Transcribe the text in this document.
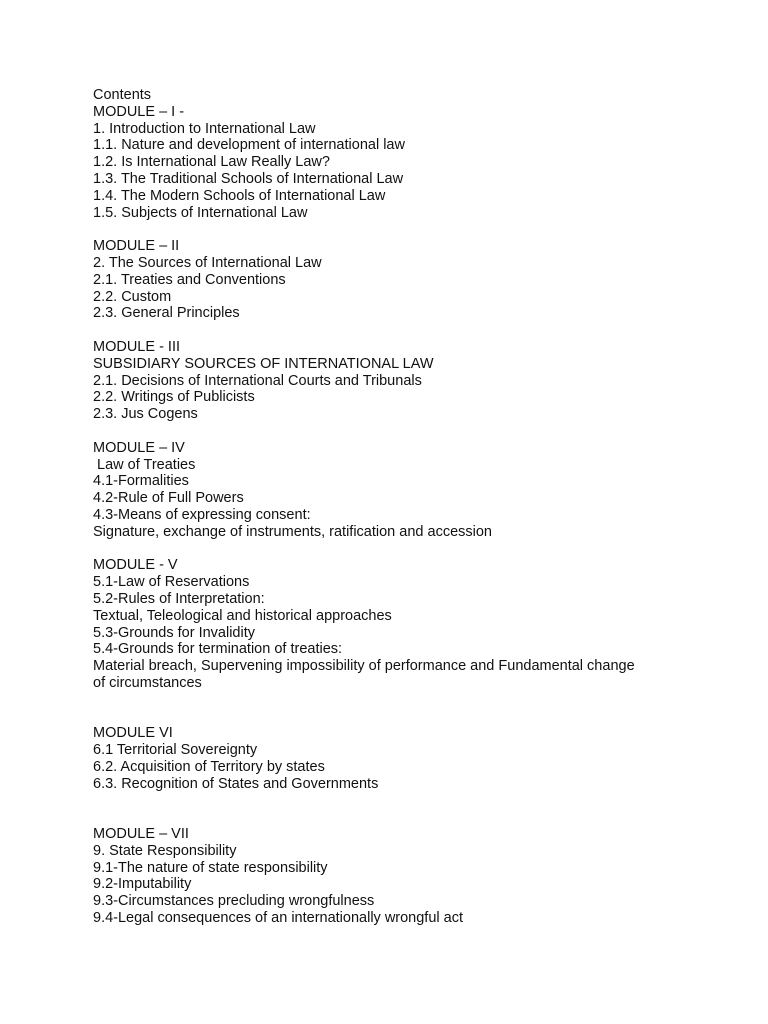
Contents

MODULE – I -

1. Introduction to International Law

1.1. Nature and development of international law

1.2. Is International Law Really Law?

1.3. The Traditional Schools of International Law

1.4. The Modern Schools of International Law

1.5. Subjects of International Law

MODULE – II

2. The Sources of International Law

2.1. Treaties and Conventions

2.2. Custom

2.3. General Principles

MODULE - III

SUBSIDIARY SOURCES OF INTERNATIONAL LAW

2.1. Decisions of International Courts and Tribunals

2.2. Writings of Publicists

2.3. Jus Cogens

MODULE – IV

Law of Treaties

4.1-Formalities

4.2-Rule of Full Powers

4.3-Means of expressing consent:

Signature, exchange of instruments, ratification and accession

MODULE - V

5.1-Law of Reservations

5.2-Rules of Interpretation:

Textual, Teleological and historical approaches

5.3-Grounds for Invalidity

5.4-Grounds for termination of treaties:

Material breach, Supervening impossibility of performance and Fundamental change

of circumstances

MODULE VI

6.1 Territorial Sovereignty

6.2. Acquisition of Territory by states

6.3. Recognition of States and Governments

MODULE – VII

9. State Responsibility

9.1-The nature of state responsibility

9.2-Imputability

9.3-Circumstances precluding wrongfulness

9.4-Legal consequences of an internationally wrongful act
